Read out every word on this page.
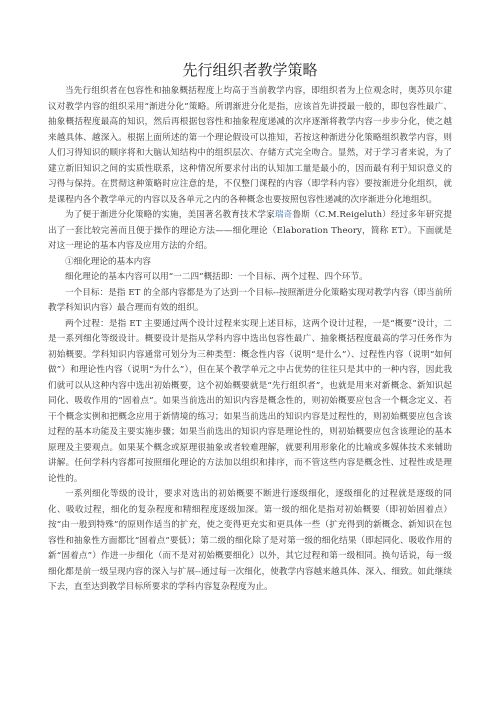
先行组织者教学策略

当先行组织者在包容性和抽象概括程度上均高于当前教学内容，即组织者为上位观念时，奥苏贝尔建议对教学内容的组织采用“渐进分化”策略。所谓渐进分化是指，应该首先讲授最一般的，即包容性最广、抽象概括程度最高的知识，然后再根据包容性和抽象程度递减的次序逐渐将教学内容一步步分化，使之越来越具体、越深入。根据上面所述的第一个理论假设可以推知，若按这种渐进分化策略组织教学内容，则人们习得知识的顺序将和大脑认知结构中的组织层次、存储方式完全吻合。显然，对于学习者来说，为了建立新旧知识之间的实质性联系，这种情况所要求付出的认知加工量是最小的，因而最有利于知识意义的习得与保持。在贯彻这种策略时应注意的是，不仅整门课程的内容（即学科内容）要按渐进分化组织，就是课程内各个教学单元的内容以及各单元之内的各种概念也要按照包容性递减的次序渐进分化地组织。

为了便于渐进分化策略的实施，美国著名教育技术学家瑞奇鲁斯（C.M.Reigeluth）经过多年研究提出了一套比较完善而且便于操作的理论方法——细化理论（Elaboration Theory，简称 ET）。下面就是对这一理论的基本内容及应用方法的介绍。

①细化理论的基本内容

细化理论的基本内容可以用“一二四”概括即：一个目标、两个过程、四个环节。

一个目标：是指 ET 的全部内容都是为了达到一个目标--按照渐进分化策略实现对教学内容（即当前所教学科知识内容）最合理而有效的组织。

两个过程：是指 ET 主要通过两个设计过程来实现上述目标，这两个设计过程，一是“概要”设计，二是一系列细化等级设计。概要设计是指从学科内容中选出包容性最广、抽象概括程度最高的学习任务作为初始概要。学科知识内容通常可划分为三种类型：概念性内容（说明“是什么”）、过程性内容（说明“如何做”）和理论性内容（说明“为什么”），但在某个教学单元之中占优势的往往只是其中的一种内容，因此我们就可以从这种内容中选出初始概要，这个初始概要就是“先行组织者”，也就是用来对新概念、新知识起同化、吸收作用的“固着点”。如果当前选出的知识内容是概念性的，则初始概要应包含一个概念定义、若干个概念实例和把概念应用于新情境的练习；如果当前选出的知识内容是过程性的，则初始概要应包含该过程的基本功能及主要实施步骤；如果当前选出的知识内容是理论性的，则初始概要应包含该理论的基本原理及主要观点。如果某个概念或原理很抽象或者较难理解，就要利用形象化的比喻或多媒体技术来辅助讲解。任何学科内容都可按照细化理论的方法加以组织和排序，而不管这些内容是概念性、过程性或是理论性的。

一系列细化等级的设计，要求对选出的初始概要不断进行逐级细化，逐级细化的过程就是逐级的同化、吸收过程，细化的复杂程度和精细程度逐级加深。第一级的细化是指对初始概要（即初始固着点）按“由一般到特殊”的原则作适当的扩充，使之变得更充实和更具体一些（扩充得到的新概念、新知识在包容性和抽象性方面都比“固着点”要低）；第二级的细化除了是对第一级的细化结果（即起同化、吸收作用的新“固着点”）作进一步细化（而不是对初始概要细化）以外，其它过程和第一级相同。换句话说，每一级细化都是前一级呈现内容的深入与扩展--通过每一次细化，使教学内容越来越具体、深入、细致。如此继续下去，直至达到教学目标所要求的学科内容复杂程度为止。
